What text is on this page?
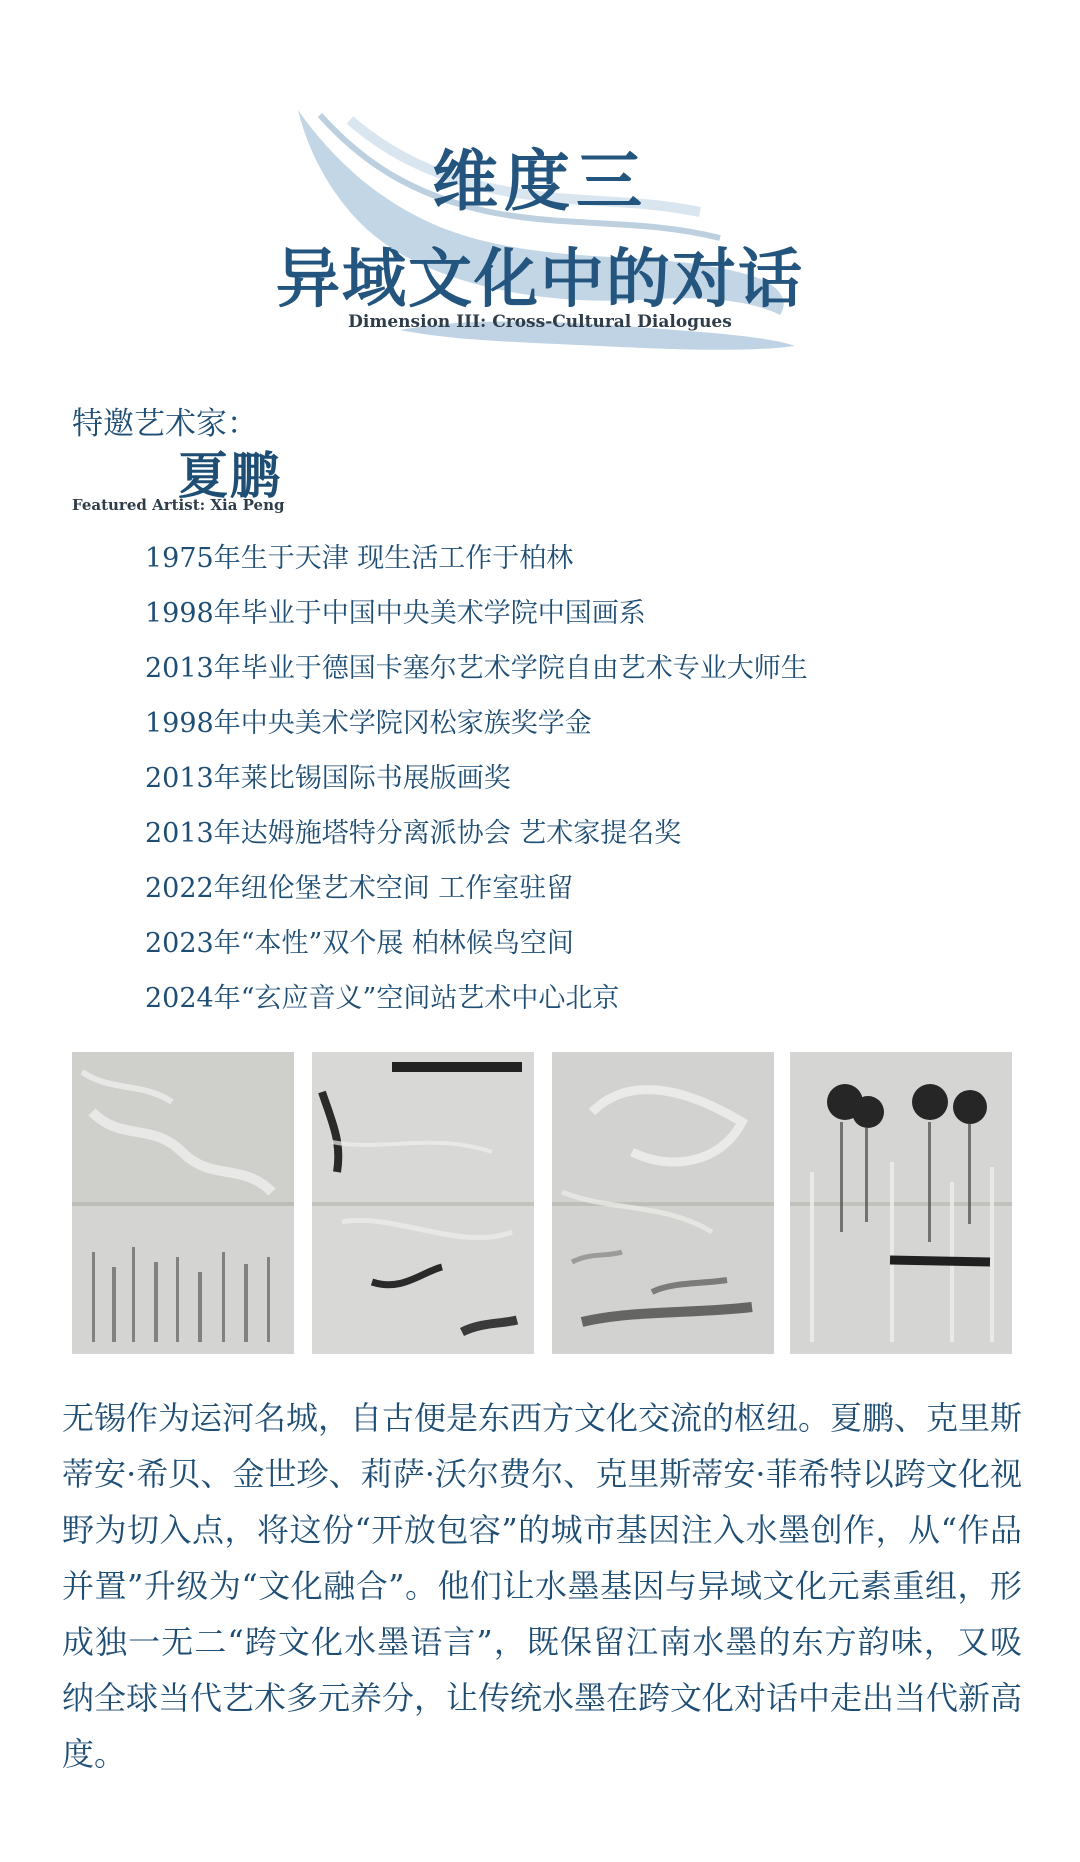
维度三
异域文化中的对话
Dimension III: Cross-Cultural Dialogues
特邀艺术家：
夏鹏
Featured Artist: Xia Peng
1975年生于天津 现生活工作于柏林
1998年毕业于中国中央美术学院中国画系
2013年毕业于德国卡塞尔艺术学院自由艺术专业大师生
1998年中央美术学院冈松家族奖学金
2013年莱比锡国际书展版画奖
2013年达姆施塔特分离派协会 艺术家提名奖
2022年纽伦堡艺术空间 工作室驻留
2023年“本性”双个展 柏林候鸟空间
2024年“玄应音义”空间站艺术中心北京

无锡作为运河名城，自古便是东西方文化交流的枢纽。夏鹏、克里斯蒂安·希贝、金世珍、莉萨·沃尔费尔、克里斯蒂安·菲希特以跨文化视野为切入点，将这份“开放包容”的城市基因注入水墨创作，从“作品并置”升级为“文化融合”。他们让水墨基因与异域文化元素重组，形成独一无二“跨文化水墨语言”，既保留江南水墨的东方韵味，又吸纳全球当代艺术多元养分，让传统水墨在跨文化对话中走出当代新高度。
